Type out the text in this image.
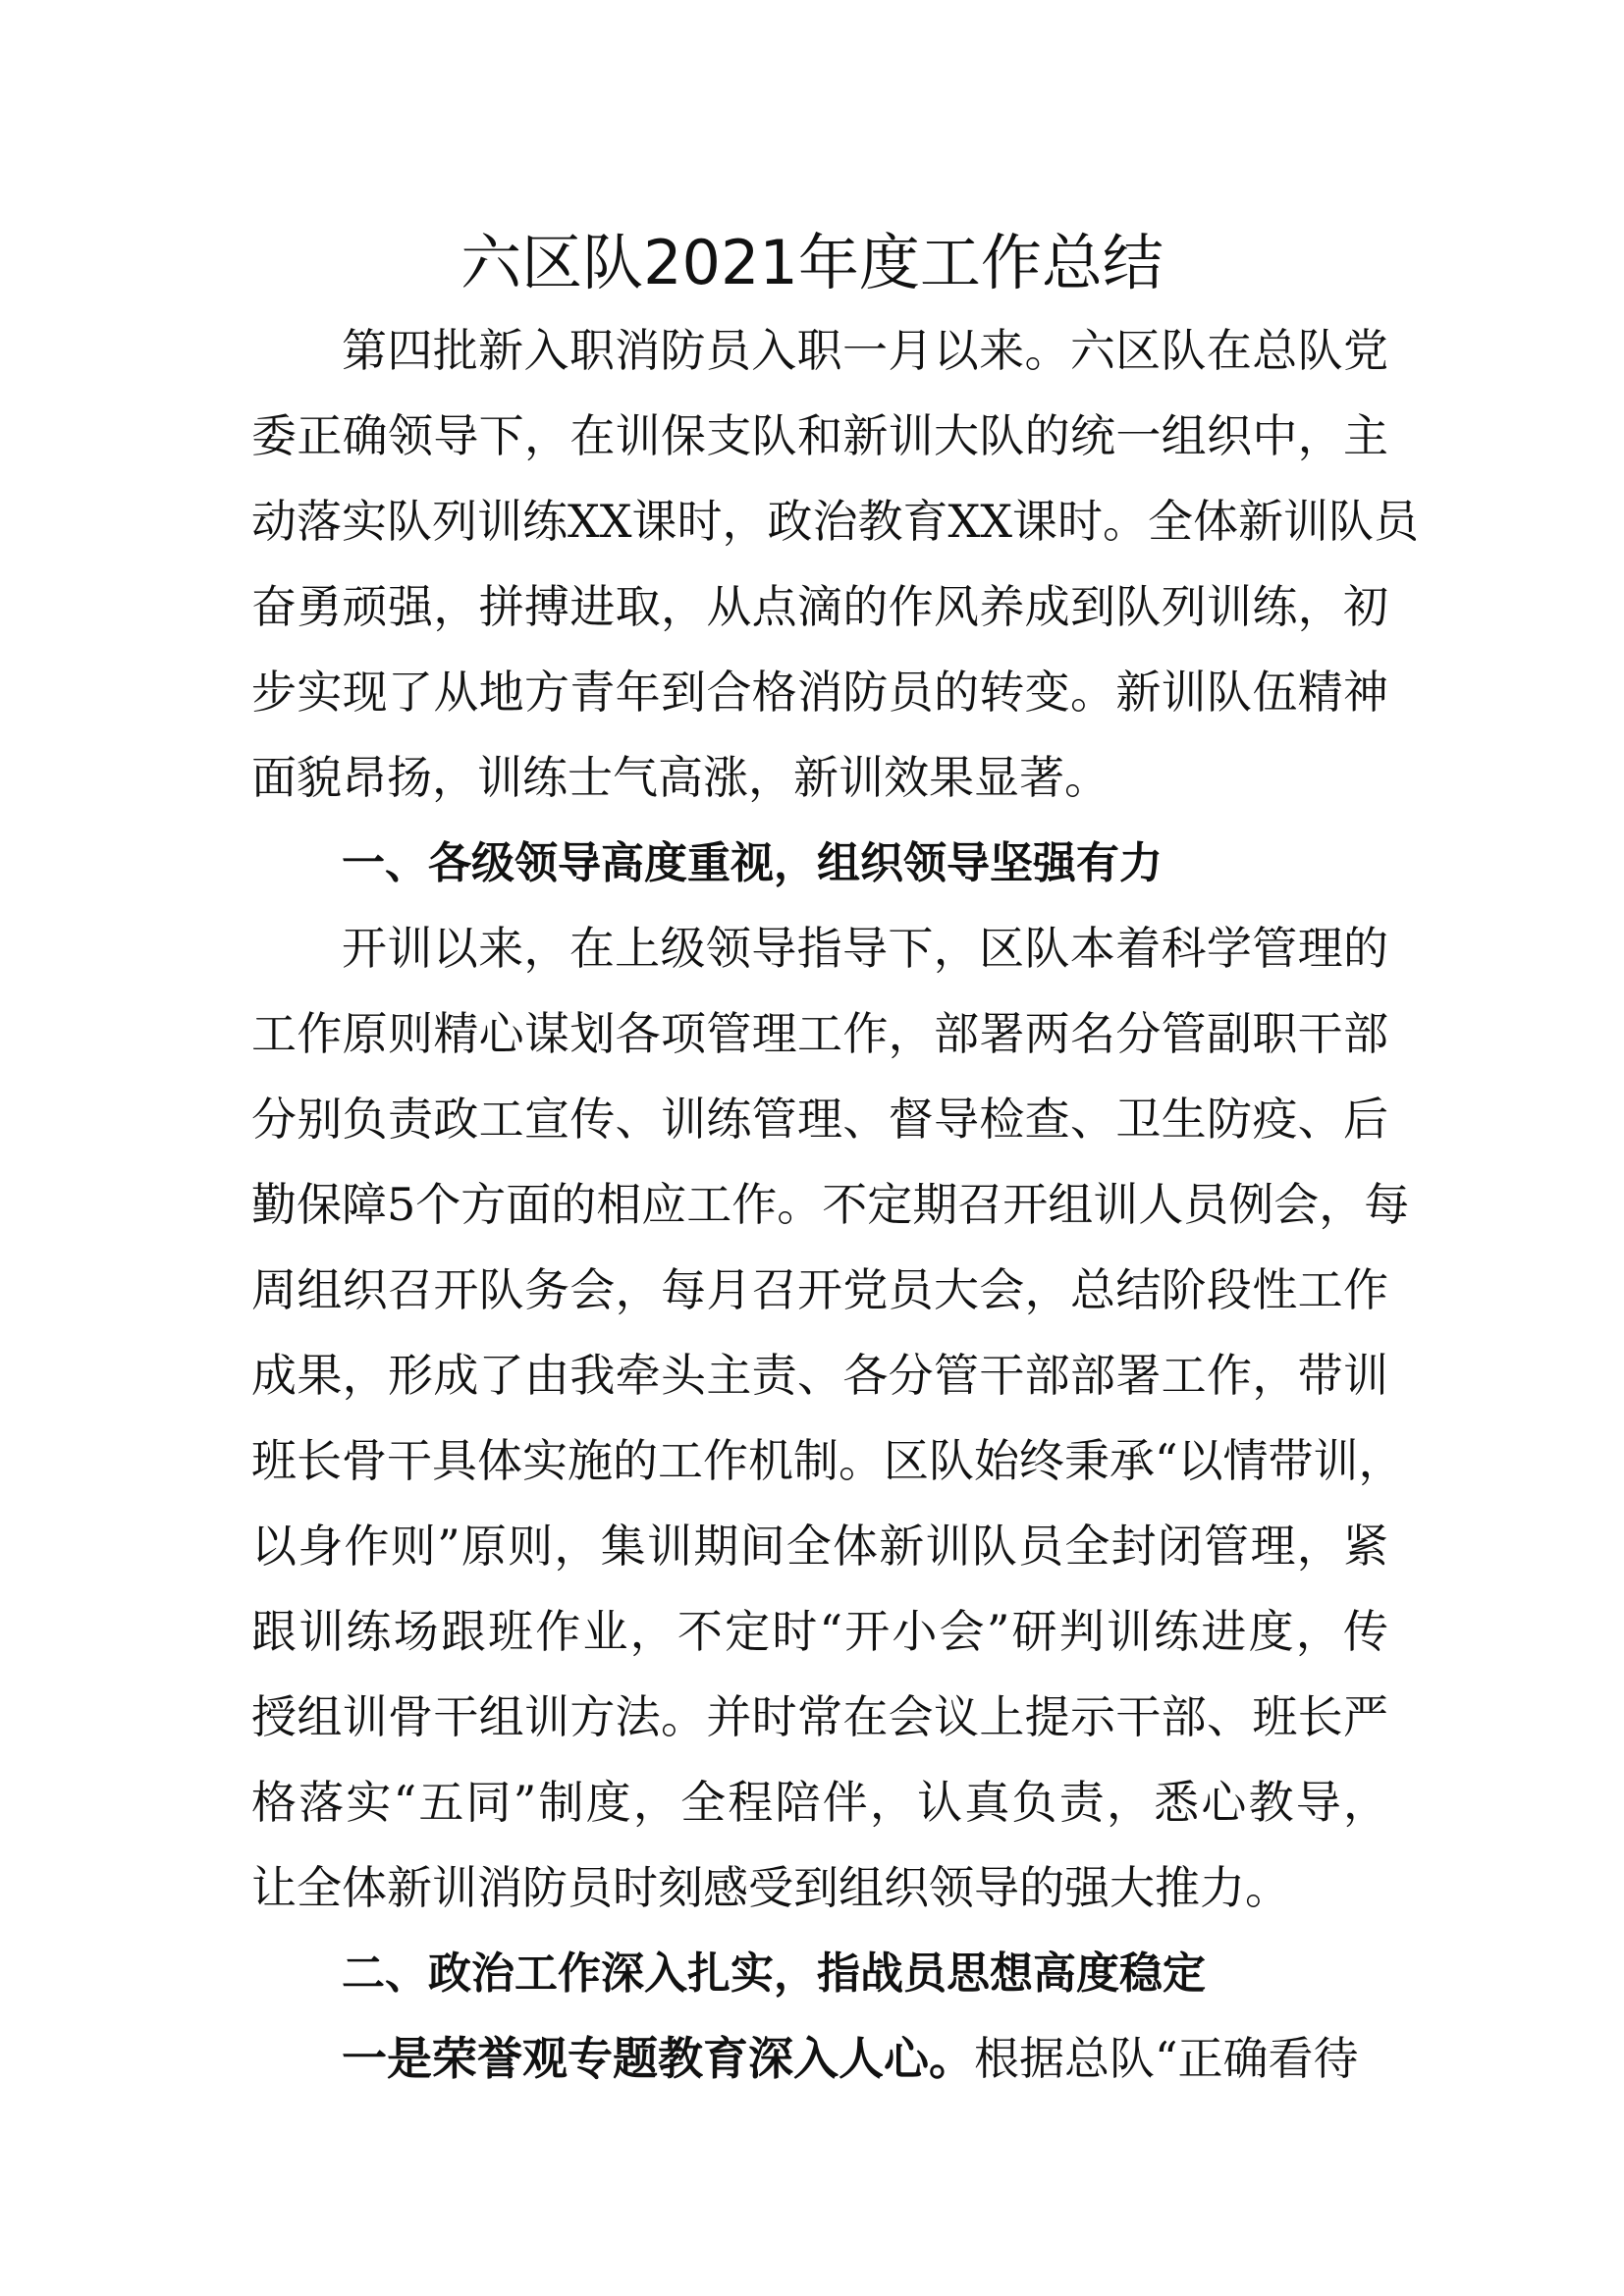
六区队2021年度工作总结
第四批新入职消防员入职一月以来。六区队在总队党
委正确领导下，在训保支队和新训大队的统一组织中，主
动落实队列训练XX课时，政治教育XX课时。全体新训队员
奋勇顽强，拼搏进取，从点滴的作风养成到队列训练，初
步实现了从地方青年到合格消防员的转变。新训队伍精神
面貌昂扬，训练士气高涨，新训效果显著。
一、各级领导高度重视，组织领导坚强有力
开训以来，在上级领导指导下，区队本着科学管理的
工作原则精心谋划各项管理工作，部署两名分管副职干部
分别负责政工宣传、训练管理、督导检查、卫生防疫、后
勤保障5个方面的相应工作。不定期召开组训人员例会，每
周组织召开队务会，每月召开党员大会，总结阶段性工作
成果，形成了由我牵头主责、各分管干部部署工作，带训
班长骨干具体实施的工作机制。区队始终秉承“以情带训，
以身作则”原则，集训期间全体新训队员全封闭管理，紧
跟训练场跟班作业，不定时“开小会”研判训练进度，传
授组训骨干组训方法。并时常在会议上提示干部、班长严
格落实“五同”制度，全程陪伴，认真负责，悉心教导，
让全体新训消防员时刻感受到组织领导的强大推力。
二、政治工作深入扎实，指战员思想高度稳定
一是荣誉观专题教育深入人心。根据总队“正确看待
